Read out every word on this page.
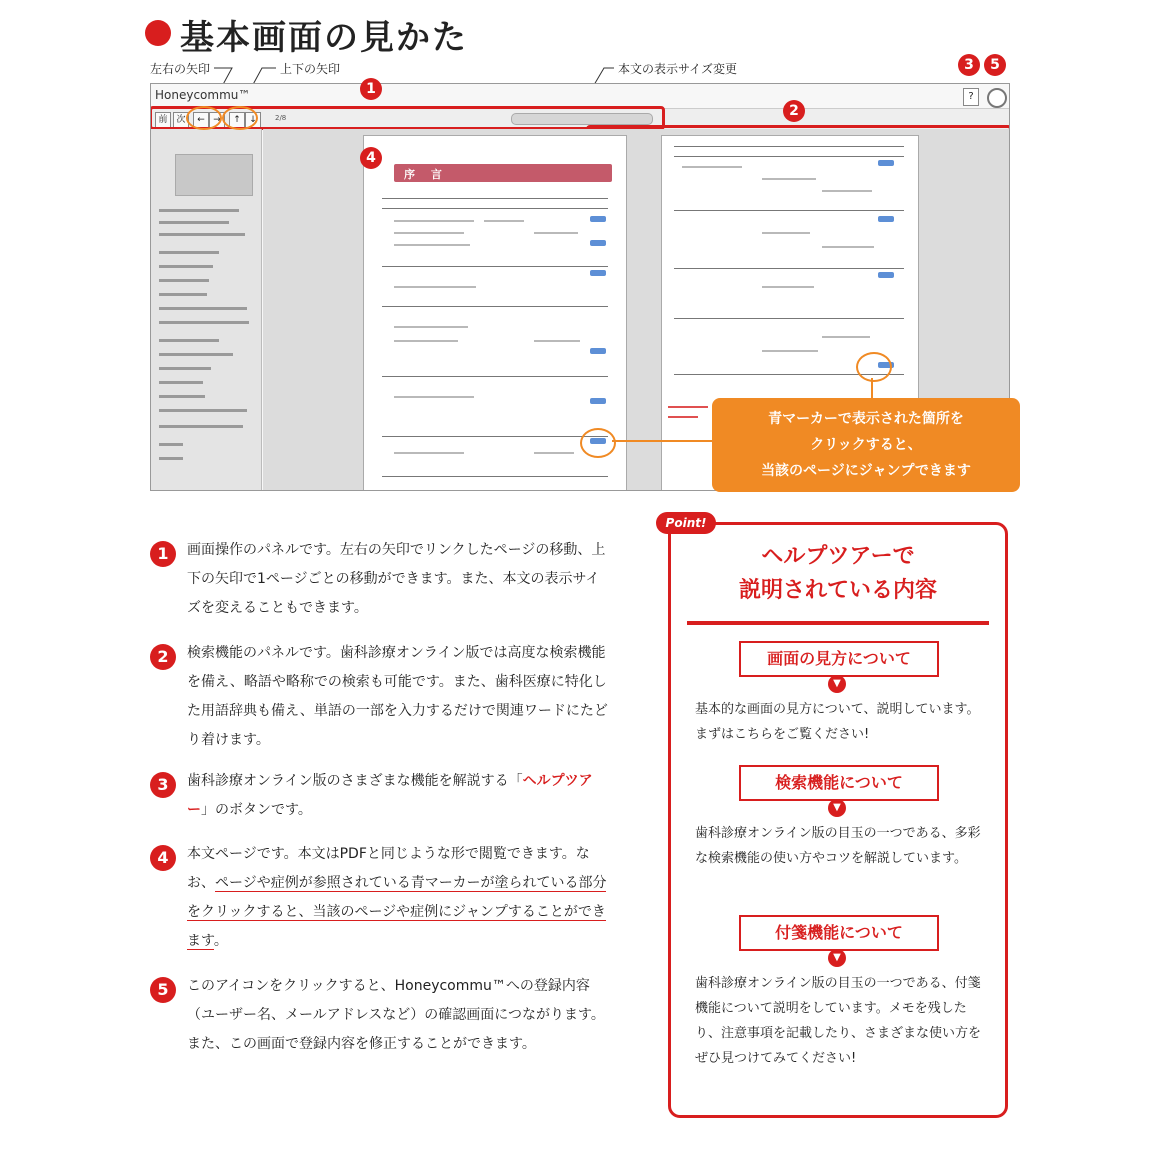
基本画面の見かた
左右の矢印	上下の矢印	本文の表示サイズ変更
Honeycommu™	?
前 次	← →	↑ ↓	2/8
序 言
1
2
3
4
5
青マーカーで表示された箇所を
クリックすると、
当該のページにジャンプできます
1	画面操作のパネルです。左右の矢印でリンクしたページの移動、上下の矢印で1ページごとの移動ができます。また、本文の表示サイズを変えることもできます。
2	検索機能のパネルです。歯科診療オンライン版では高度な検索機能を備え、略語や略称での検索も可能です。また、歯科医療に特化した用語辞典も備え、単語の一部を入力するだけで関連ワードにたどり着けます。
3	歯科診療オンライン版のさまざまな機能を解説する「ヘルプツアー」のボタンです。
4	本文ページです。本文はPDFと同じような形で閲覧できます。なお、ページや症例が参照されている青マーカーが塗られている部分をクリックすると、当該のページや症例にジャンプすることができます。
5	このアイコンをクリックすると、Honeycommu™への登録内容（ユーザー名、メールアドレスなど）の確認画面につながります。また、この画面で登録内容を修正することができます。
ヘルプツアーで
説明されている内容
画面の見方について
▼
基本的な画面の見方について、説明しています。まずはこちらをご覧ください!
検索機能について
▼
歯科診療オンライン版の目玉の一つである、多彩な検索機能の使い方やコツを解説しています。
付箋機能について
▼
歯科診療オンライン版の目玉の一つである、付箋機能について説明をしています。メモを残したり、注意事項を記載したり、さまざまな使い方をぜひ見つけてみてください!
Point!
